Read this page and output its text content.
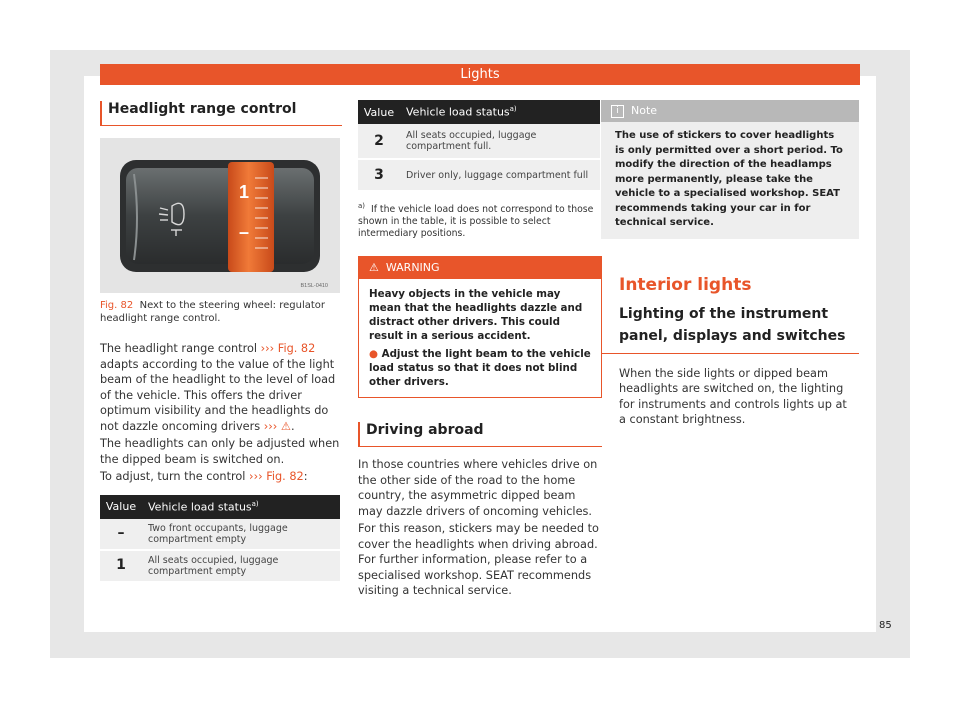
Lights
Headlight range control
1
–
B1SL-0410
Fig. 82 Next to the steering wheel: regulator headlight range control.
The headlight range control ››› Fig. 82 adapts according to the value of the light beam of the headlight to the level of load of the vehicle. This offers the driver optimum visibility and the headlights do not dazzle oncoming drivers ››› ⚠.
The headlights can only be adjusted when the dipped beam is switched on.
To adjust, turn the control ››› Fig. 82:
Value	Vehicle load status$^{a)}$
–	Two front occupants, luggage compartment empty
1	All seats occupied, luggage compartment empty
Value	Vehicle load status$^{a)}$
2	All seats occupied, luggage compartment full.
3	Driver only, luggage compartment full
$^{a)}$ If the vehicle load does not correspond to those shown in the table, it is possible to select intermediary positions.
⚠ WARNING
Heavy objects in the vehicle may mean that the headlights dazzle and distract other drivers. This could result in a serious accident.
● Adjust the light beam to the vehicle load status so that it does not blind other drivers.
Driving abroad
In those countries where vehicles drive on the other side of the road to the home country, the asymmetric dipped beam may dazzle drivers of oncoming vehicles.
For this reason, stickers may be needed to cover the headlights when driving abroad. For further information, please refer to a specialised workshop. SEAT recommends visiting a technical service.
i Note
The use of stickers to cover headlights is only permitted over a short period. To modify the direction of the headlamps more permanently, please take the vehicle to a specialised workshop. SEAT recommends taking your car in for technical service.
Interior lights
Lighting of the instrument panel, displays and switches
When the side lights or dipped beam headlights are switched on, the lighting for instruments and controls lights up at a constant brightness.
85
